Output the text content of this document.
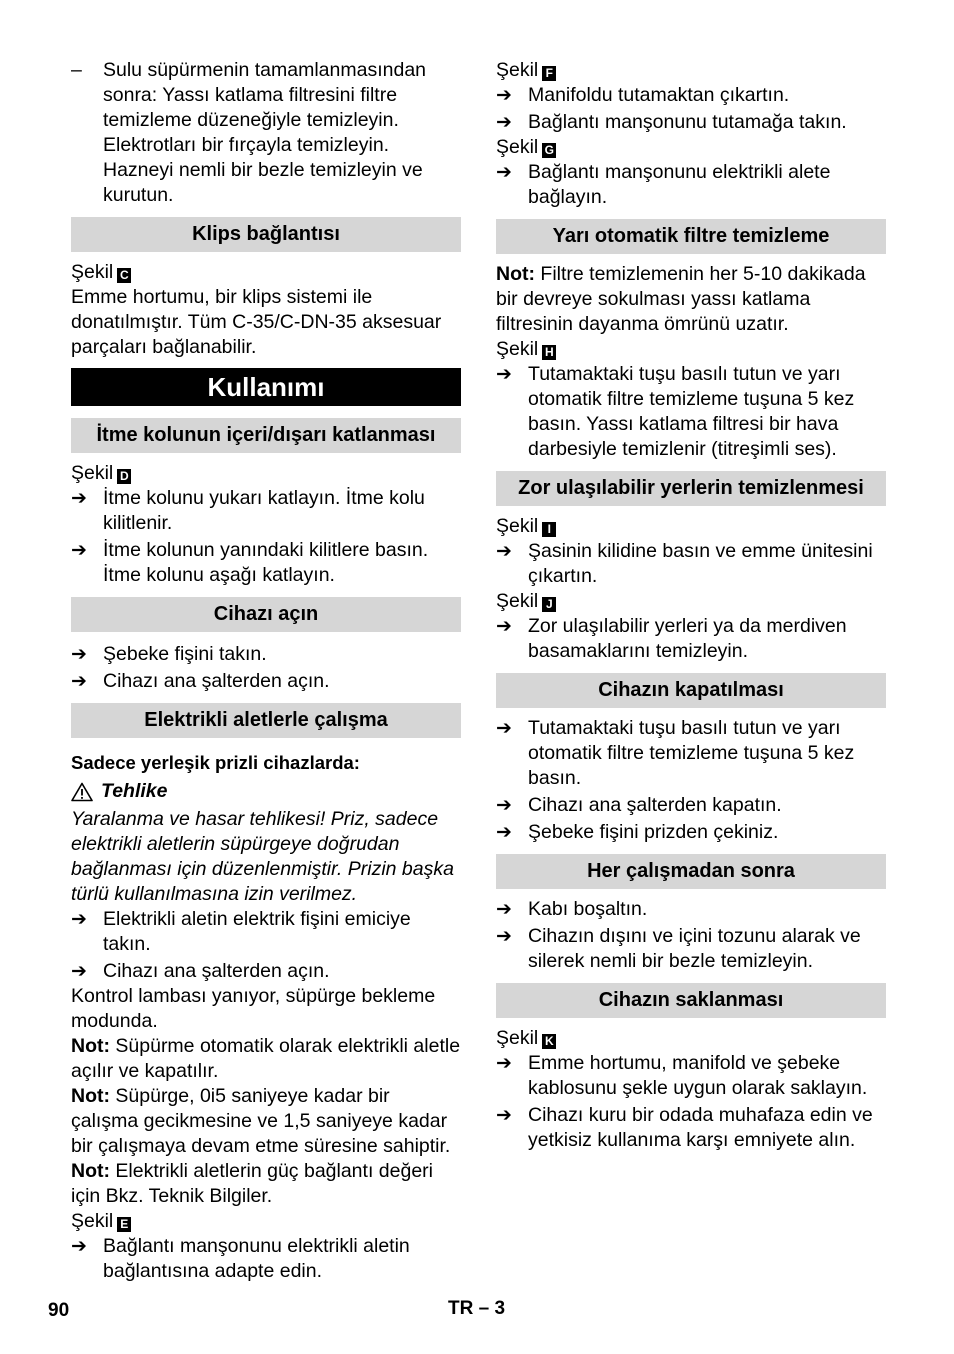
–	Sulu süpürmenin tamamlanmasından sonra: Yassı katlama filtresini filtre temizleme düzeneğiyle temizleyin. Elektrotları bir fırçayla temizleyin. Hazneyi nemli bir bezle temizleyin ve kurutun.
Klips bağlantısı
Şekil C

Emme hortumu, bir klips sistemi ile donatılmıştır. Tüm C-35/C-DN-35 aksesuar parçaları bağlanabilir.

Kullanımı
İtme kolunun içeri/dışarı katlanması
Şekil D
➔ İtme kolunu yukarı katlayın. İtme kolu kilitlenir.
➔ İtme kolunun yanındaki kilitlere basın. İtme kolunu aşağı katlayın.
Cihazı açın
➔ Şebeke fişini takın.
➔ Cihazı ana şalterden açın.
Elektrikli aletlerle çalışma
Sadece yerleşik prizli cihazlarda:
Tehlike

Yaralanma ve hasar tehlikesi! Priz, sadece elektrikli aletlerin süpürgeye doğrudan bağlanması için düzenlenmiştir. Prizin başka türlü kullanılmasına izin verilmez.

➔ Elektrikli aletin elektrik fişini emiciye takın.
➔ Cihazı ana şalterden açın.

Kontrol lambası yanıyor, süpürge bekleme modunda.

Not: Süpürme otomatik olarak elektrikli aletle açılır ve kapatılır.

Not: Süpürge, 0i5 saniyeye kadar bir çalışma gecikmesine ve 1,5 saniyeye kadar bir çalışmaya devam etme süresine sahiptir.

Not: Elektrikli aletlerin güç bağlantı değeri için Bkz. Teknik Bilgiler.

Şekil E
➔ Bağlantı manşonunu elektrikli aletin bağlantısına adapte edin.
Şekil F
➔ Manifoldu tutamaktan çıkartın.
➔ Bağlantı manşonunu tutamağa takın.
Şekil G
➔ Bağlantı manşonunu elektrikli alete bağlayın.
Yarı otomatik filtre temizleme

Not: Filtre temizlemenin her 5-10 dakikada bir devreye sokulması yassı katlama filtresinin dayanma ömrünü uzatır.

Şekil H
➔ Tutamaktaki tuşu basılı tutun ve yarı otomatik filtre temizleme tuşuna 5 kez basın. Yassı katlama filtresi bir hava darbesiyle temizlenir (titreşimli ses).
Zor ulaşılabilir yerlerin temizlenmesi
Şekil I
➔ Şasinin kilidine basın ve emme ünitesini çıkartın.
Şekil J
➔ Zor ulaşılabilir yerleri ya da merdiven basamaklarını temizleyin.
Cihazın kapatılması
➔ Tutamaktaki tuşu basılı tutun ve yarı otomatik filtre temizleme tuşuna 5 kez basın.
➔ Cihazı ana şalterden kapatın.
➔ Şebeke fişini prizden çekiniz.
Her çalışmadan sonra
➔ Kabı boşaltın.
➔ Cihazın dışını ve içini tozunu alarak ve silerek nemli bir bezle temizleyin.
Cihazın saklanması
Şekil K
➔ Emme hortumu, manifold ve şebeke kablosunu şekle uygun olarak saklayın.
➔ Cihazı kuru bir odada muhafaza edin ve yetkisiz kullanıma karşı emniyete alın.
90	TR – 3
